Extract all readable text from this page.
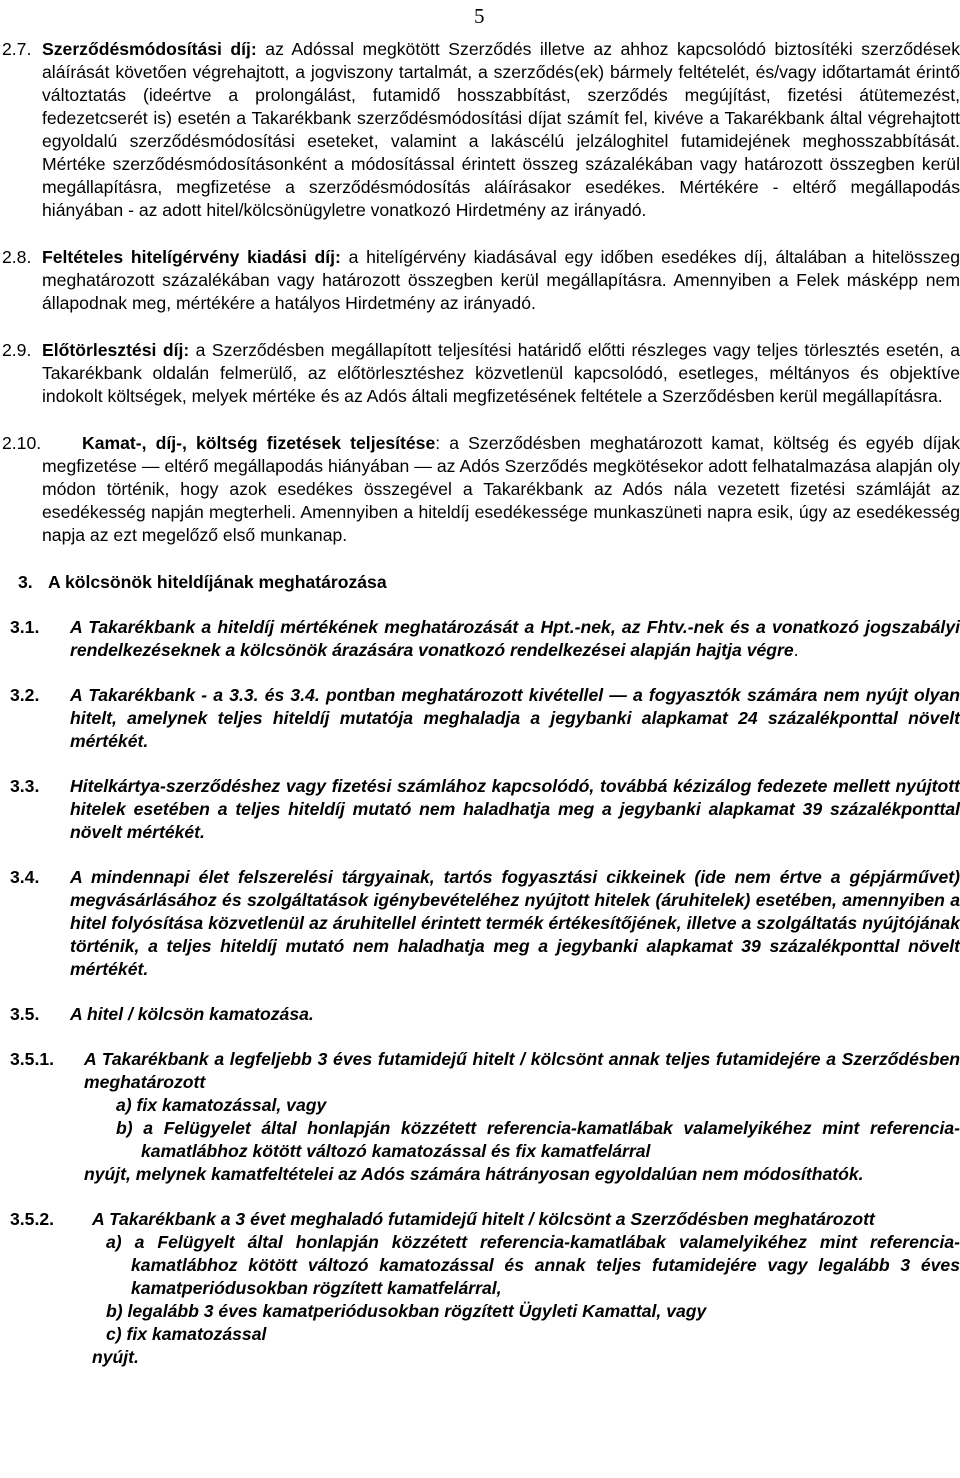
5

2.7. Szerződésmódosítási díj: az Adóssal megkötött Szerződés illetve az ahhoz kapcsolódó biztosítéki szerződések aláírását követően végrehajtott, a jogviszony tartalmát, a szerződés(ek) bármely feltételét, és/vagy időtartamát érintő változtatás (ideértve a prolongálást, futamidő hosszabbítást, szerződés megújítást, fizetési átütemezést, fedezetcserét is) esetén a Takarékbank szerződésmódosítási díjat számít fel, kivéve a Takarékbank által végrehajtott egyoldalú szerződésmódosítási eseteket, valamint a lakáscélú jelzáloghitel futamidejének meghosszabbítását. Mértéke szerződésmódosításonként a módosítással érintett összeg százalékában vagy határozott összegben kerül megállapításra, megfizetése a szerződésmódosítás aláírásakor esedékes. Mértékére - eltérő megállapodás hiányában - az adott hitel/kölcsönügyletre vonatkozó Hirdetmény az irányadó.

2.8. Feltételes hitelígérvény kiadási díj: a hitelígérvény kiadásával egy időben esedékes díj, általában a hitelösszeg meghatározott százalékában vagy határozott összegben kerül megállapításra. Amennyiben a Felek másképp nem állapodnak meg, mértékére a hatályos Hirdetmény az irányadó.

2.9. Előtörlesztési díj: a Szerződésben megállapított teljesítési határidő előtti részleges vagy teljes törlesztés esetén, a Takarékbank oldalán felmerülő, az előtörlesztéshez közvetlenül kapcsolódó, esetleges, méltányos és objektíve indokolt költségek, melyek mértéke és az Adós általi megfizetésének feltétele a Szerződésben kerül megállapításra.

2.10. Kamat-, díj-, költség fizetések teljesítése: a Szerződésben meghatározott kamat, költség és egyéb díjak megfizetése — eltérő megállapodás hiányában — az Adós Szerződés megkötésekor adott felhatalmazása alapján oly módon történik, hogy azok esedékes összegével a Takarékbank az Adós nála vezetett fizetési számláját az esedékesség napján megterheli. Amennyiben a hiteldíj esedékessége munkaszüneti napra esik, úgy az esedékesség napja az ezt megelőző első munkanap.

3. A kölcsönök hiteldíjának meghatározása

3.1. A Takarékbank a hiteldíj mértékének meghatározását a Hpt.-nek, az Fhtv.-nek és a vonatkozó jogszabályi rendelkezéseknek a kölcsönök árazására vonatkozó rendelkezései alapján hajtja végre.

3.2. A Takarékbank - a 3.3. és 3.4. pontban meghatározott kivétellel — a fogyasztók számára nem nyújt olyan hitelt, amelynek teljes hiteldíj mutatója meghaladja a jegybanki alapkamat 24 százalékponttal növelt mértékét.

3.3. Hitelkártya-szerződéshez vagy fizetési számlához kapcsolódó, továbbá kézizálog fedezete mellett nyújtott hitelek esetében a teljes hiteldíj mutató nem haladhatja meg a jegybanki alapkamat 39 százalékponttal növelt mértékét.

3.4. A mindennapi élet felszerelési tárgyainak, tartós fogyasztási cikkeinek (ide nem értve a gépjárművet) megvásárlásához és szolgáltatások igénybevételéhez nyújtott hitelek (áruhitelek) esetében, amennyiben a hitel folyósítása közvetlenül az áruhitellel érintett termék értékesítőjének, illetve a szolgáltatás nyújtójának történik, a teljes hiteldíj mutató nem haladhatja meg a jegybanki alapkamat 39 százalékponttal növelt mértékét.

3.5. A hitel / kölcsön kamatozása.

3.5.1. A Takarékbank a legfeljebb 3 éves futamidejű hitelt / kölcsönt annak teljes futamidejére a Szerződésben meghatározott
a) fix kamatozással, vagy
b) a Felügyelet által honlapján közzétett referencia-kamatlábak valamelyikéhez mint referencia-kamatlábhoz kötött változó kamatozással és fix kamatfelárral
nyújt, melynek kamatfeltételei az Adós számára hátrányosan egyoldalúan nem módosíthatók.
3.5.2. A Takarékbank a 3 évet meghaladó futamidejű hitelt / kölcsönt a Szerződésben meghatározott
a) a Felügyelt által honlapján közzétett referencia-kamatlábak valamelyikéhez mint referencia-kamatlábhoz kötött változó kamatozással és annak teljes futamidejére vagy legalább 3 éves kamatperiódusokban rögzített kamatfelárral,
b) legalább 3 éves kamatperiódusokban rögzített Ügyleti Kamattal, vagy
c) fix kamatozással
nyújt.
